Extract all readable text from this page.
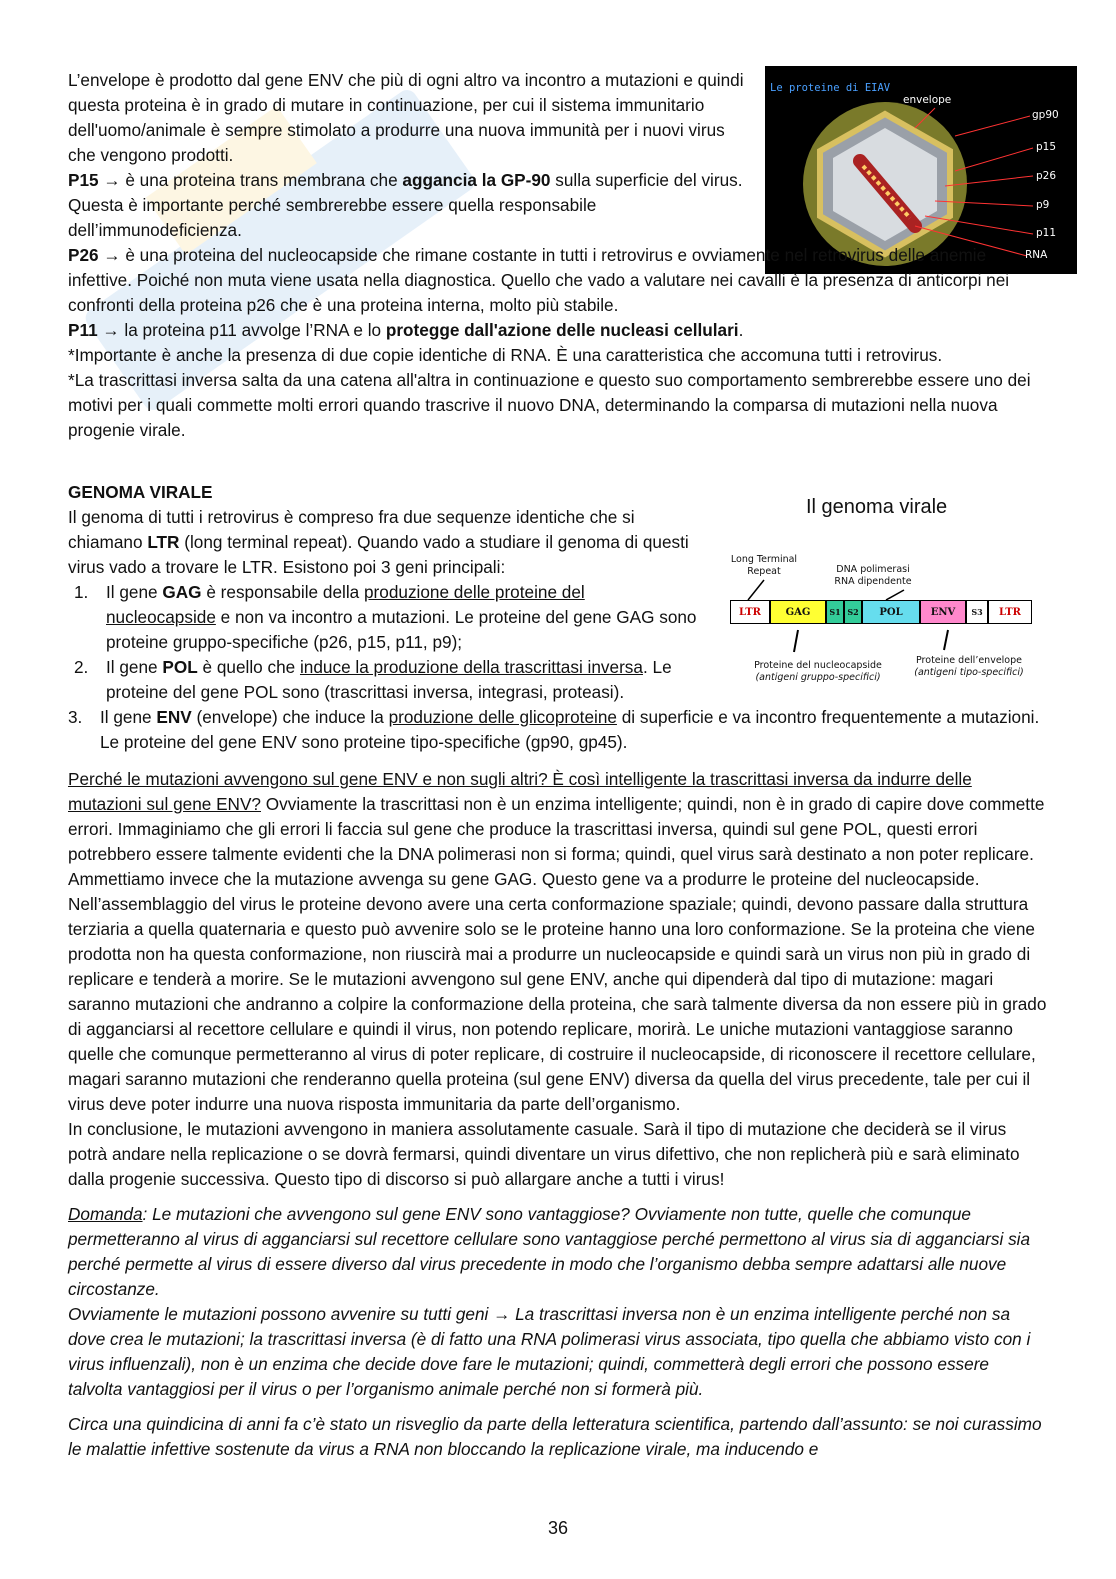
Le proteine di EIAV
envelope
gp90
p15
p26
p9
p11
RNA

L’envelope è prodotto dal gene ENV che più di ogni altro va incontro a mutazioni e quindi questa proteina è in grado di mutare in continuazione, per cui il sistema immunitario dell'uomo/animale è sempre stimolato a produrre una nuova immunità per i nuovi virus che vengono prodotti.

P15 → è una proteina trans membrana che aggancia la GP-90 sulla superficie del virus. Questa è importante perché sembrerebbe essere quella responsabile dell’immunodeficienza.

P26 → è una proteina del nucleocapside che rimane costante in tutti i retrovirus e ovviamente nel retrovirus delle anemie infettive. Poiché non muta viene usata nella diagnostica. Quello che vado a valutare nei cavalli è la presenza di anticorpi nei confronti della proteina p26 che è una proteina interna, molto più stabile.

P11 → la proteina p11 avvolge l’RNA e lo protegge dall'azione delle nucleasi cellulari.

*Importante è anche la presenza di due copie identiche di RNA. È una caratteristica che accomuna tutti i retrovirus.

*La trascrittasi inversa salta da una catena all'altra in continuazione e questo suo comportamento sembrerebbe essere uno dei motivi per i quali commette molti errori quando trascrive il nuovo DNA, determinando la comparsa di mutazioni nella nuova progenie virale.

GENOMA VIRALE

Il genoma di tutti i retrovirus è compreso fra due sequenze identiche che si chiamano LTR (long terminal repeat). Quando vado a studiare il genoma di questi virus vado a trovare le LTR. Esistono poi 3 geni principali:

1. Il gene GAG è responsabile della produzione delle proteine del nucleocapside e non va incontro a mutazioni. Le proteine del gene GAG sono proteine gruppo-specifiche (p26, p15, p11, p9);
2. Il gene POL è quello che induce la produzione della trascrittasi inversa. Le proteine del gene POL sono (trascrittasi inversa, integrasi, proteasi).
3. Il gene ENV (envelope) che induce la produzione delle glicoproteine di superficie e va incontro frequentemente a mutazioni. Le proteine del gene ENV sono proteine tipo-specifiche (gp90, gp45).
Il genoma virale
Long Terminal Repeat	DNA polimerasi RNA dipendente
LTR	GAG	S1 S2	POL	ENV	S3	LTR
Proteine del nucleocapside
(antigeni gruppo-specifici)
Proteine dell’envelope
(antigeni tipo-specifici)

Perché le mutazioni avvengono sul gene ENV e non sugli altri? È così intelligente la trascrittasi inversa da indurre delle mutazioni sul gene ENV? Ovviamente la trascrittasi non è un enzima intelligente; quindi, non è in grado di capire dove commette errori. Immaginiamo che gli errori li faccia sul gene che produce la trascrittasi inversa, quindi sul gene POL, questi errori potrebbero essere talmente evidenti che la DNA polimerasi non si forma; quindi, quel virus sarà destinato a non poter replicare. Ammettiamo invece che la mutazione avvenga su gene GAG. Questo gene va a produrre le proteine del nucleocapside. Nell’assemblaggio del virus le proteine devono avere una certa conformazione spaziale; quindi, devono passare dalla struttura terziaria a quella quaternaria e questo può avvenire solo se le proteine hanno una loro conformazione. Se la proteina che viene prodotta non ha questa conformazione, non riuscirà mai a produrre un nucleocapside e quindi sarà un virus non più in grado di replicare e tenderà a morire. Se le mutazioni avvengono sul gene ENV, anche qui dipenderà dal tipo di mutazione: magari saranno mutazioni che andranno a colpire la conformazione della proteina, che sarà talmente diversa da non essere più in grado di agganciarsi al recettore cellulare e quindi il virus, non potendo replicare, morirà. Le uniche mutazioni vantaggiose saranno quelle che comunque permetteranno al virus di poter replicare, di costruire il nucleocapside, di riconoscere il recettore cellulare, magari saranno mutazioni che renderanno quella proteina (sul gene ENV) diversa da quella del virus precedente, tale per cui il virus deve poter indurre una nuova risposta immunitaria da parte dell’organismo.

In conclusione, le mutazioni avvengono in maniera assolutamente casuale. Sarà il tipo di mutazione che deciderà se il virus potrà andare nella replicazione o se dovrà fermarsi, quindi diventare un virus difettivo, che non replicherà più e sarà eliminato dalla progenie successiva. Questo tipo di discorso si può allargare anche a tutti i virus!

Domanda: Le mutazioni che avvengono sul gene ENV sono vantaggiose? Ovviamente non tutte, quelle che comunque permetteranno al virus di agganciarsi sul recettore cellulare sono vantaggiose perché permettono al virus sia di agganciarsi sia perché permette al virus di essere diverso dal virus precedente in modo che l’organismo debba sempre adattarsi alle nuove circostanze.

Ovviamente le mutazioni possono avvenire su tutti geni → La trascrittasi inversa non è un enzima intelligente perché non sa dove crea le mutazioni; la trascrittasi inversa (è di fatto una RNA polimerasi virus associata, tipo quella che abbiamo visto con i virus influenzali), non è un enzima che decide dove fare le mutazioni; quindi, commetterà degli errori che possono essere talvolta vantaggiosi per il virus o per l’organismo animale perché non si formerà più.

Circa una quindicina di anni fa c’è stato un risveglio da parte della letteratura scientifica, partendo dall’assunto: se noi curassimo le malattie infettive sostenute da virus a RNA non bloccando la replicazione virale, ma inducendo e

36
